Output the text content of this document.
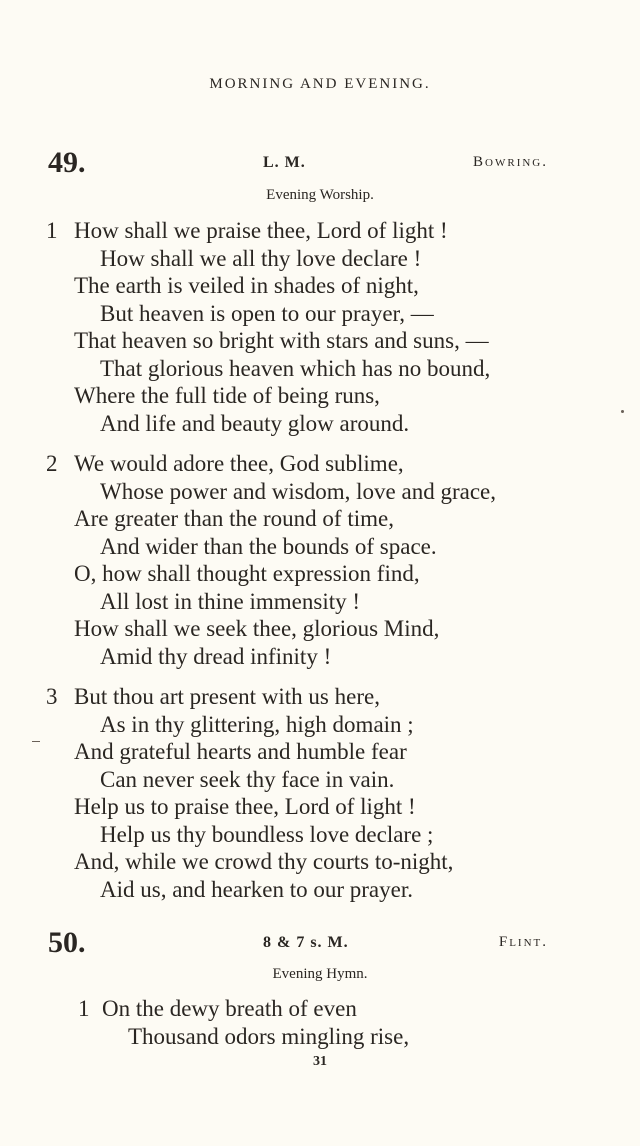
MORNING AND EVENING.
49.	L. M.	Bowring.
Evening Worship.
1 How shall we praise thee, Lord of light !
How shall we all thy love declare !
The earth is veiled in shades of night,
But heaven is open to our prayer, —
That heaven so bright with stars and suns, —
That glorious heaven which has no bound,
Where the full tide of being runs,
And life and beauty glow around.
2 We would adore thee, God sublime,
Whose power and wisdom, love and grace,
Are greater than the round of time,
And wider than the bounds of space.
O, how shall thought expression find,
All lost in thine immensity !
How shall we seek thee, glorious Mind,
Amid thy dread infinity !
3 But thou art present with us here,
As in thy glittering, high domain ;
And grateful hearts and humble fear
Can never seek thy face in vain.
Help us to praise thee, Lord of light !
Help us thy boundless love declare ;
And, while we crowd thy courts to-night,
Aid us, and hearken to our prayer.
50.	8 & 7 s. M.	Flint.
Evening Hymn.
1 On the dewy breath of even
Thousand odors mingling rise,
31
